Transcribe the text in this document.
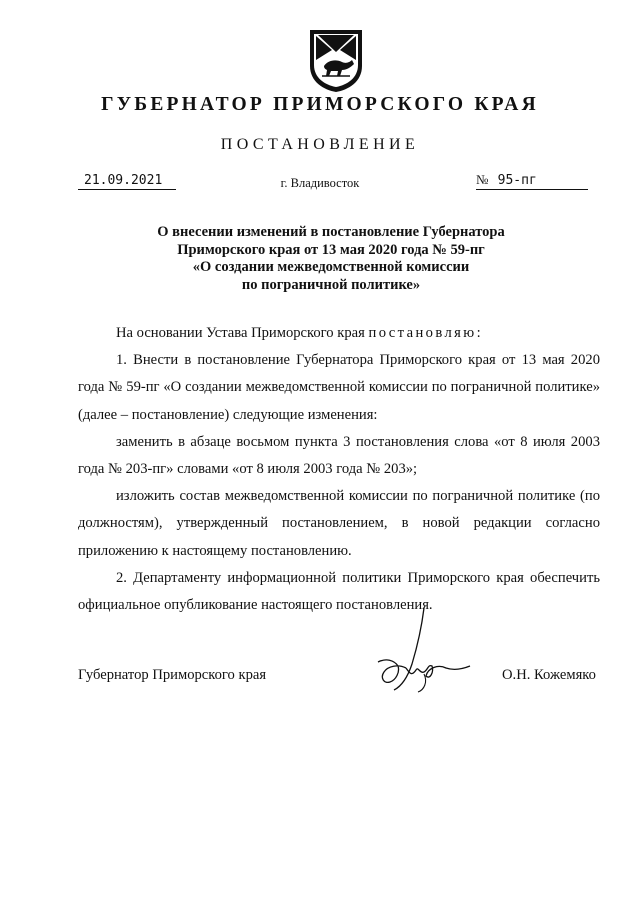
ГУБЕРНАТОР ПРИМОРСКОГО КРАЯ
ПОСТАНОВЛЕНИЕ
21.09.2021	г. Владивосток	№ 95-пг
О внесении изменений в постановление Губернатора
Приморского края от 13 мая 2020 года № 59-пг
«О создании межведомственной комиссии
по пограничной политике»

На основании Устава Приморского края постановляю:

1. Внести в постановление Губернатора Приморского края от 13 мая 2020 года № 59-пг «О создании межведомственной комиссии по пограничной политике» (далее – постановление) следующие изменения:

заменить в абзаце восьмом пункта 3 постановления слова «от 8 июля 2003 года № 203-пг» словами «от 8 июля 2003 года № 203»;

изложить состав межведомственной комиссии по пограничной политике (по должностям), утвержденный постановлением, в новой редакции согласно приложению к настоящему постановлению.

2. Департаменту информационной политики Приморского края обеспечить официальное опубликование настоящего постановления.

Губернатор Приморского края	О.Н. Кожемяко
